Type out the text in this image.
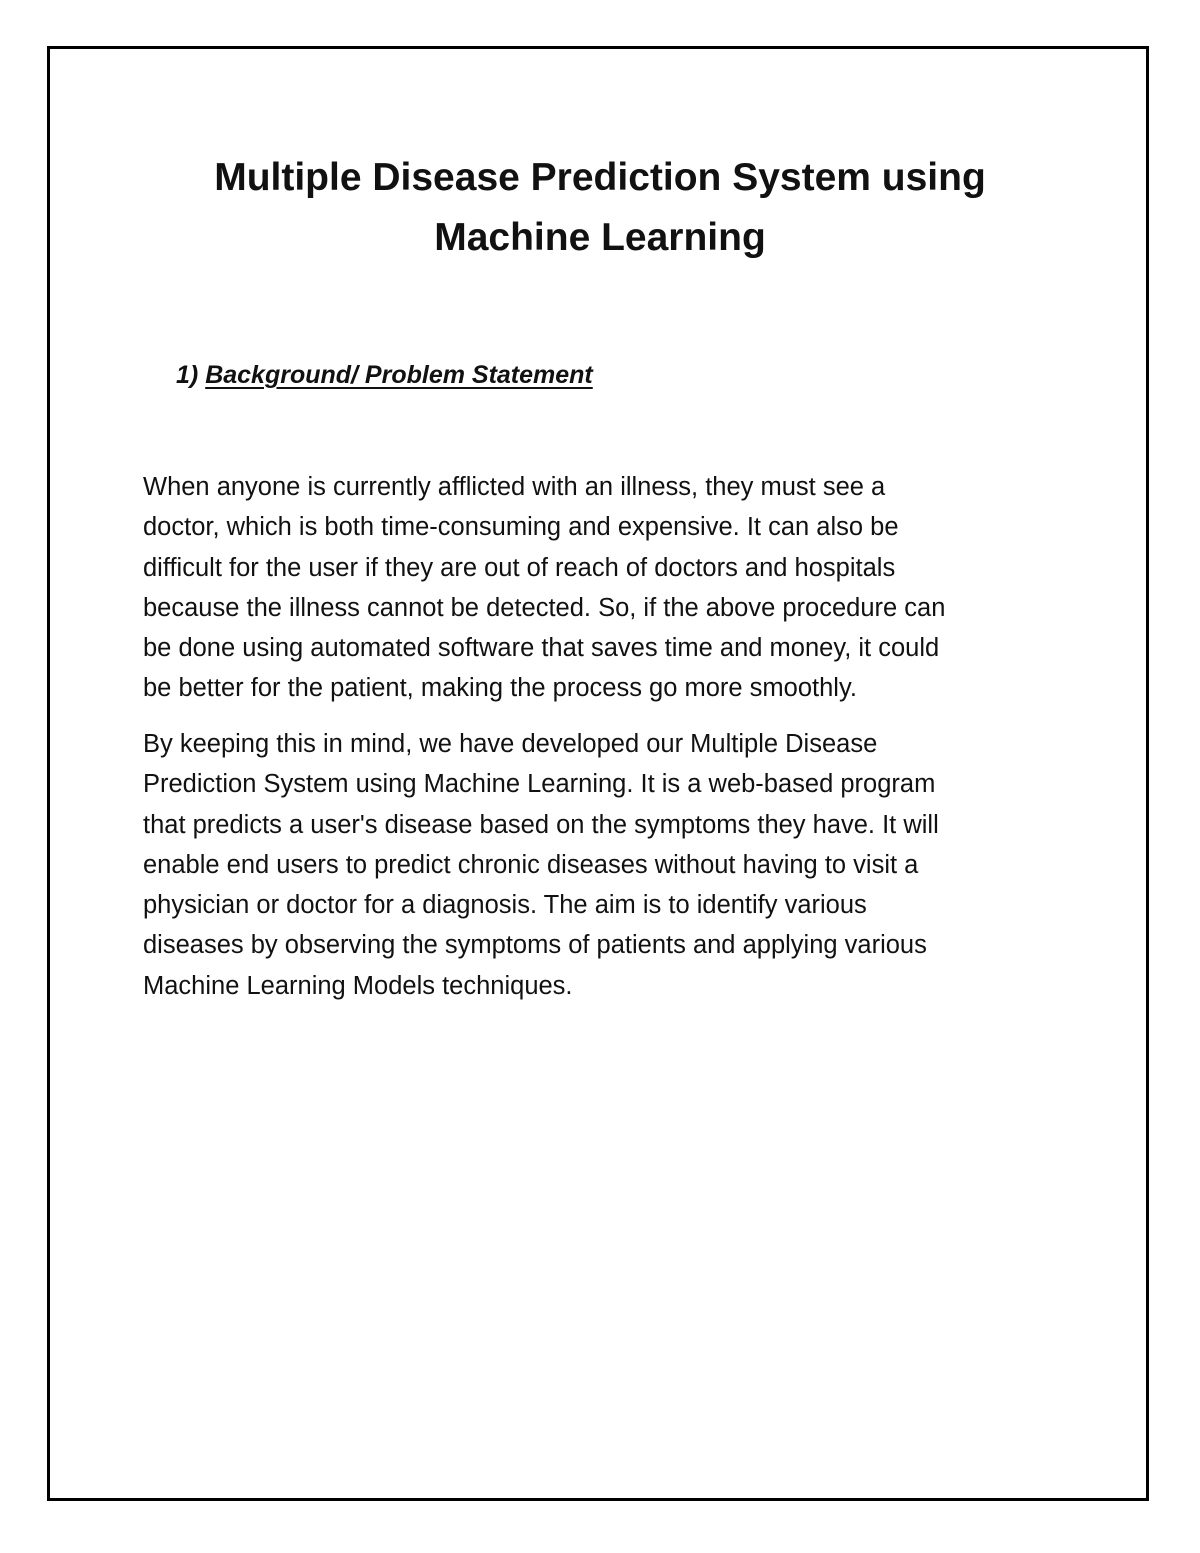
Multiple Disease Prediction System using
Machine Learning
1) Background/ Problem Statement

When anyone is currently afflicted with an illness, they must see a
doctor, which is both time-consuming and expensive. It can also be
difficult for the user if they are out of reach of doctors and hospitals
because the illness cannot be detected. So, if the above procedure can
be done using automated software that saves time and money, it could
be better for the patient, making the process go more smoothly.

By keeping this in mind, we have developed our Multiple Disease
Prediction System using Machine Learning. It is a web-based program
that predicts a user's disease based on the symptoms they have. It will
enable end users to predict chronic diseases without having to visit a
physician or doctor for a diagnosis. The aim is to identify various
diseases by observing the symptoms of patients and applying various
Machine Learning Models techniques.
